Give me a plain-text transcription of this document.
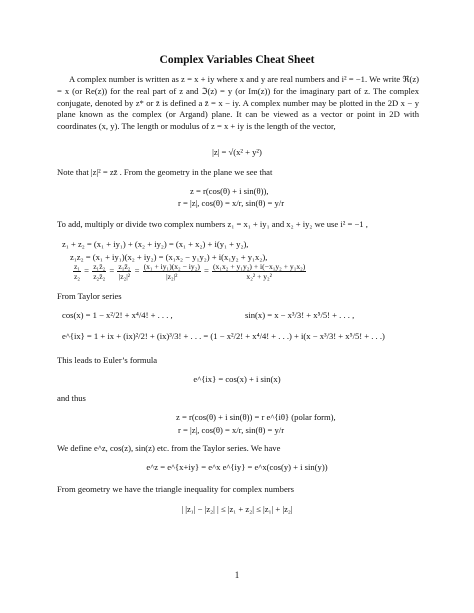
Complex Variables Cheat Sheet
A complex number is written as z = x + iy where x and y are real numbers and i² = −1. We write ℜ(z) = x (or Re(z)) for the real part of z and ℑ(z) = y (or Im(z)) for the imaginary part of z. The complex conjugate, denoted by z* or z̄ is defined a z̄ = x − iy. A complex number may be plotted in the 2D x − y plane known as the complex (or Argand) plane. It can be viewed as a vector or point in 2D with coordinates (x, y). The length or modulus of z = x + iy is the length of the vector,
|z| = √(x² + y²)
Note that |z|² = zz̄ . From the geometry in the plane we see that
z = r(cos(θ) + i sin(θ)),
r = |z|, cos(θ) = x/r, sin(θ) = y/r
To add, multiply or divide two complex numbers z₁ = x₁ + iy₁ and x₂ + iy₂ we use i² = −1 ,
z₁ + z₂ = (x₁ + iy₁) + (x₂ + iy₂) = (x₁ + x₂) + i(y₁ + y₂),
z₁z₂ = (x₁ + iy₁)(x₂ + iy₂) = (x₁x₂ − y₁y₂) + i(x₁y₂ + y₁x₂),
$\frac{\text{z₁}}{\text{z₂}} = \frac{\text{z₁z̄₂}}{\text{z₂z̄₂}} = \frac{\text{z₁z̄₂}}{\text{|z₂|²}} = \frac{\text{(x₁ + iy₁)(x₂ − iy₂)}}{\text{|z₂|²}} = \frac{\text{(x₁x₂ + y₁y₂) + i(−x₁y₂ + y₁x₂)}}{\text{x₂² + y₂²}}$
From Taylor series
cos(x) = 1 − x²/2! + x⁴/4! + . . . ,	sin(x) = x − x³/3! + x⁵/5! + . . . ,
e^{ix} = 1 + ix + (ix)²/2! + (ix)³/3! + . . . = (1 − x²/2! + x⁴/4! + . . .) + i(x − x³/3! + x⁵/5! + . . .)
This leads to Euler’s formula
e^{ix} = cos(x) + i sin(x)
and thus
z = r(cos(θ) + i sin(θ)) = r e^{iθ} (polar form),
r = |z|, cos(θ) = x/r, sin(θ) = y/r
We define e^z, cos(z), sin(z) etc. from the Taylor series. We have
e^z = e^{x+iy} = e^x e^{iy} = e^x(cos(y) + i sin(y))
From geometry we have the triangle inequality for complex numbers
| |z₁| − |z₂| | ≤ |z₁ + z₂| ≤ |z₁| + |z₂|
1
